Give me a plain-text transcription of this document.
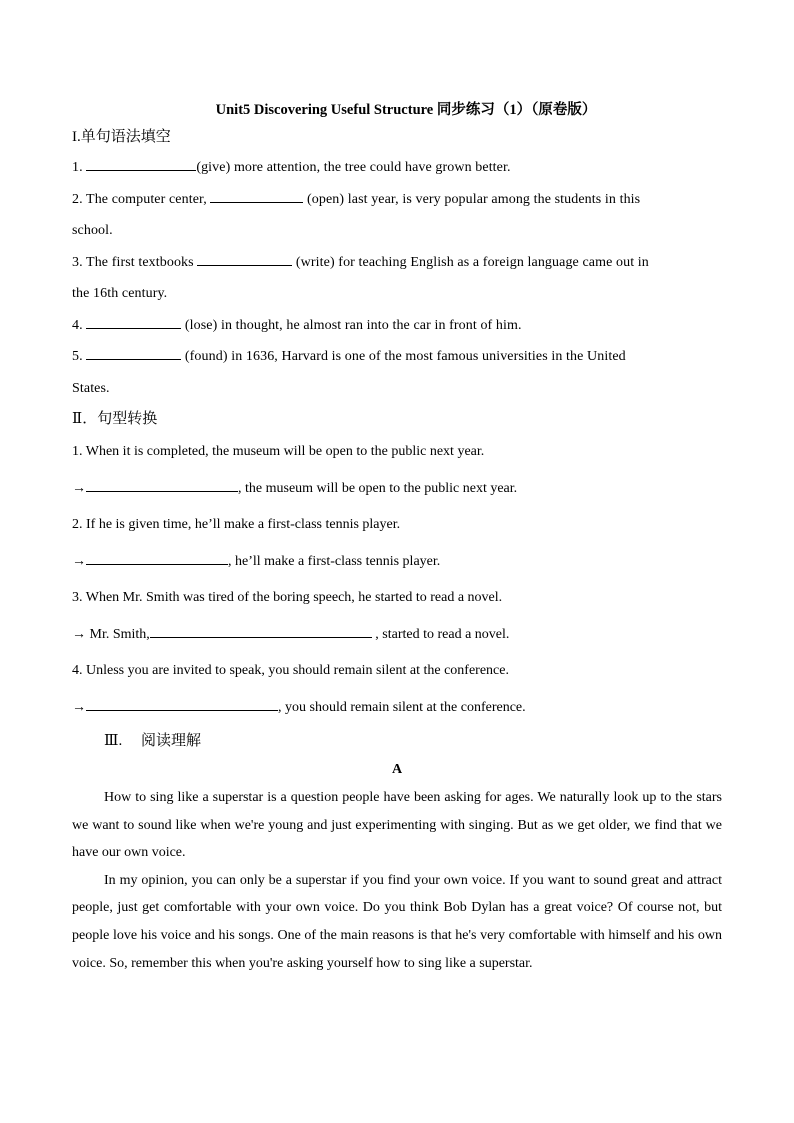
Unit5 Discovering Useful Structure 同步练习（1）（原卷版）
I.单句语法填空
1.	(give) more attention, the tree could have grown better.
2. The computer center,	(open) last year, is very popular among the students in this
school.
3. The first textbooks	(write) for teaching English as a foreign language came out in
the 16th century.
4.	(lose) in thought, he almost ran into the car in front of him.
5.	(found) in 1636, Harvard is one of the most famous universities in the United
States.
Ⅱ．句型转换
1. When it is completed, the museum will be open to the public next year.
→	, the museum will be open to the public next year.
2. If he is given time, he’ll make a first-class tennis player.
→	, he’ll make a first-class tennis player.
3. When Mr. Smith was tired of the boring speech, he started to read a novel.
→ Mr. Smith,	, started to read a novel.
4. Unless you are invited to speak, you should remain silent at the conference.
→	, you should remain silent at the conference.
Ⅲ.     阅读理解
A

How to sing like a superstar is a question people have been asking for ages. We naturally look up to the stars we want to sound like when we're young and just experimenting with singing. But as we get older, we find that we have our own voice.

In my opinion, you can only be a superstar if you find your own voice. If you want to sound great and attract people, just get comfortable with your own voice. Do you think Bob Dylan has a great voice? Of course not, but people love his voice and his songs. One of the main reasons is that he's very comfortable with himself and his own voice. So, remember this when you're asking yourself how to sing like a superstar.
